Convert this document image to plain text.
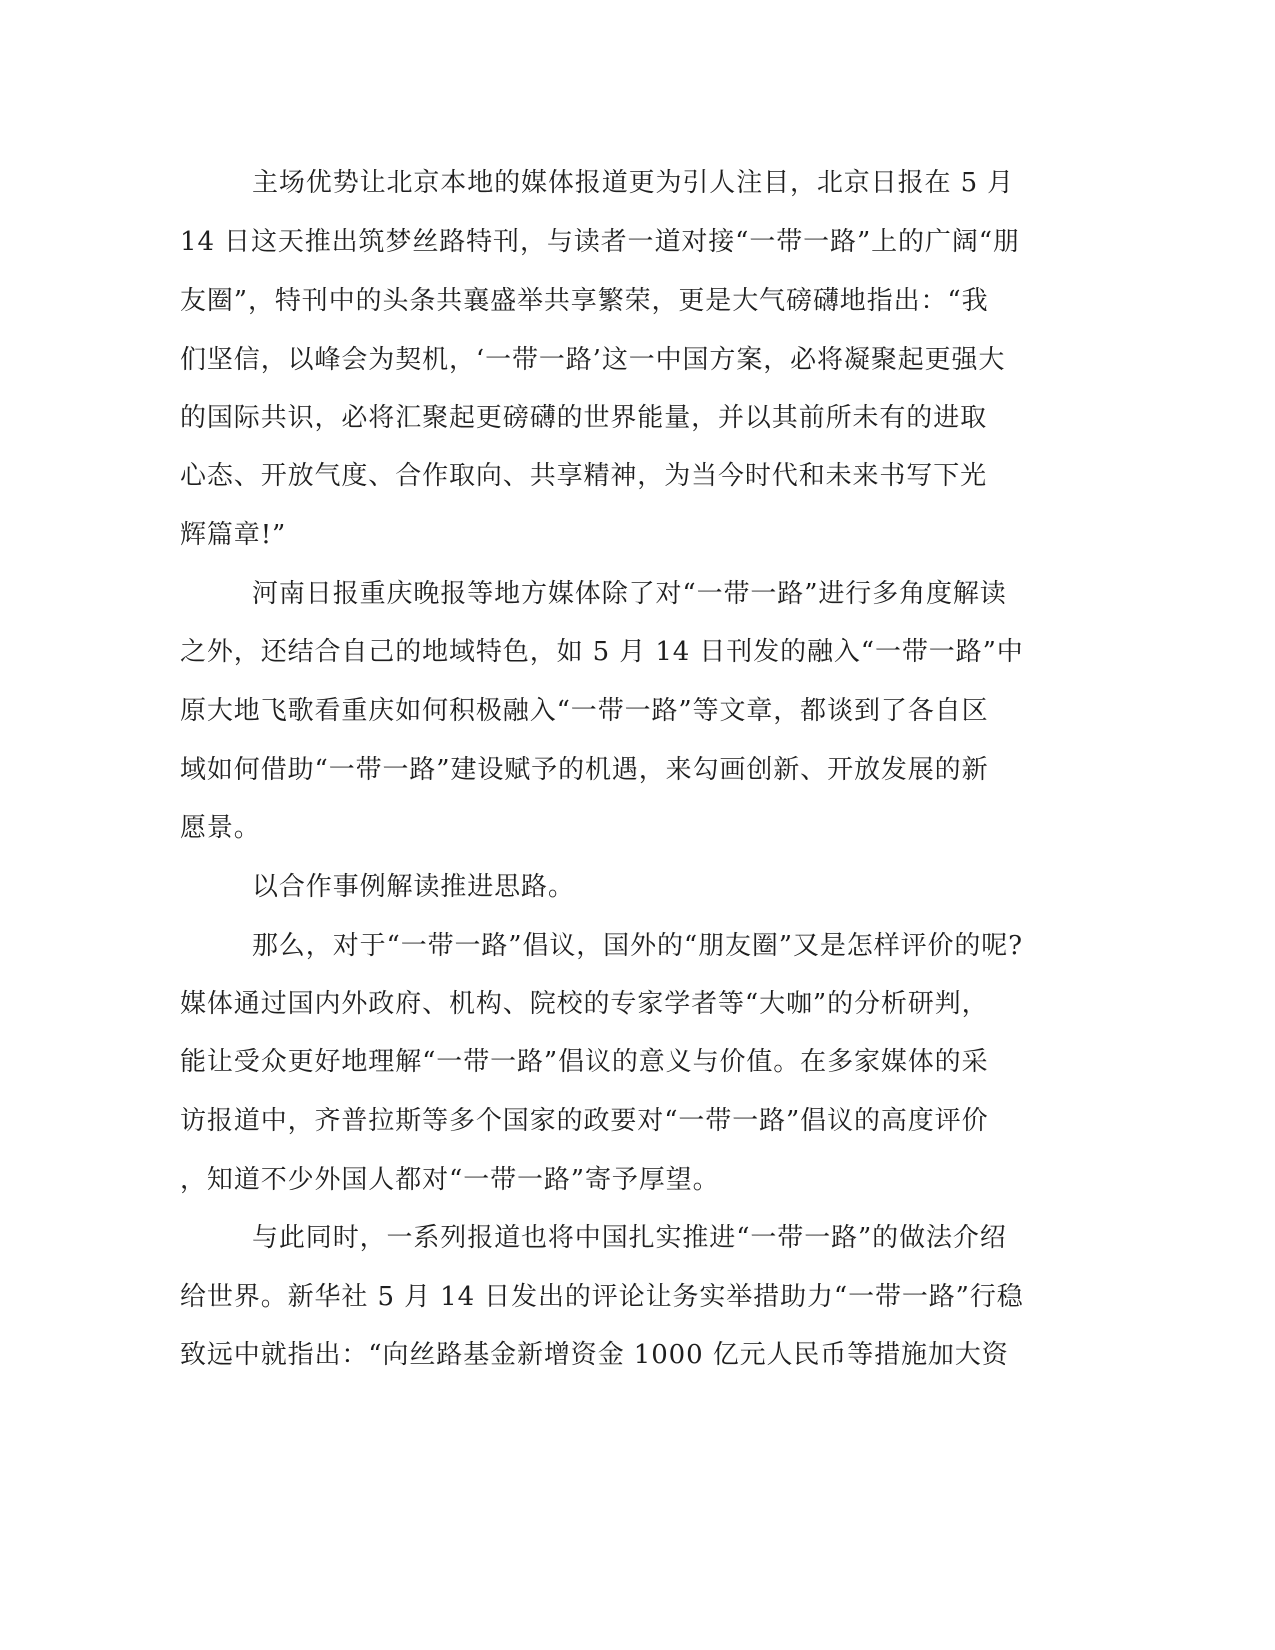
主场优势让北京本地的媒体报道更为引人注目，北京日报在 5 月
14 日这天推出筑梦丝路特刊，与读者一道对接“一带一路”上的广阔“朋
友圈”，特刊中的头条共襄盛举共享繁荣，更是大气磅礴地指出：“我
们坚信，以峰会为契机，‘一带一路’这一中国方案，必将凝聚起更强大
的国际共识，必将汇聚起更磅礴的世界能量，并以其前所未有的进取
心态、开放气度、合作取向、共享精神，为当今时代和未来书写下光
辉篇章!”
河南日报重庆晚报等地方媒体除了对“一带一路”进行多角度解读
之外，还结合自己的地域特色，如 5 月 14 日刊发的融入“一带一路”中
原大地飞歌看重庆如何积极融入“一带一路”等文章，都谈到了各自区
域如何借助“一带一路”建设赋予的机遇，来勾画创新、开放发展的新
愿景。
以合作事例解读推进思路。
那么，对于“一带一路”倡议，国外的“朋友圈”又是怎样评价的呢?
媒体通过国内外政府、机构、院校的专家学者等“大咖”的分析研判，
能让受众更好地理解“一带一路”倡议的意义与价值。在多家媒体的采
访报道中，齐普拉斯等多个国家的政要对“一带一路”倡议的高度评价
，知道不少外国人都对“一带一路”寄予厚望。
与此同时，一系列报道也将中国扎实推进“一带一路”的做法介绍
给世界。新华社 5 月 14 日发出的评论让务实举措助力“一带一路”行稳
致远中就指出：“向丝路基金新增资金 1000 亿元人民币等措施加大资
